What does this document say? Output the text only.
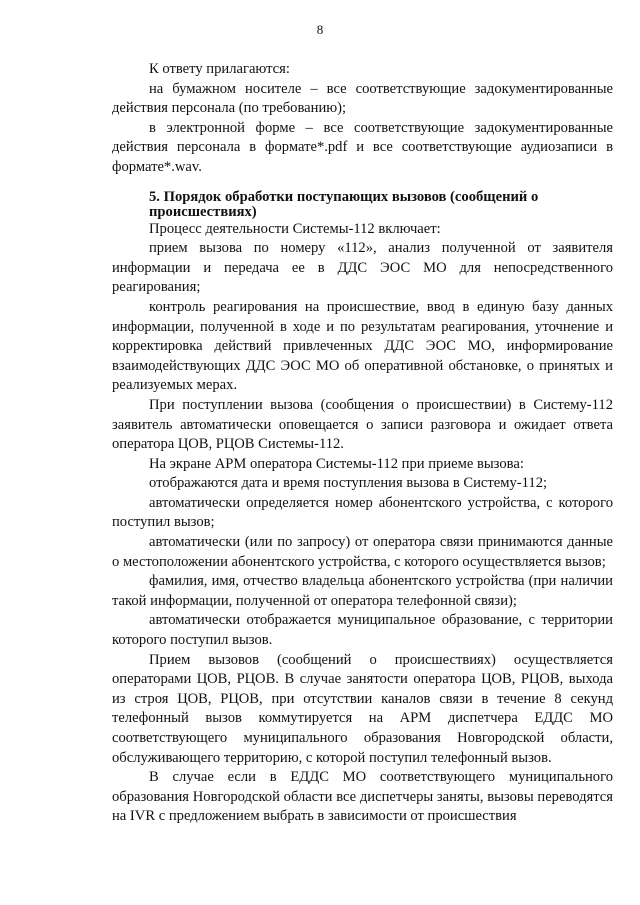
8

К ответу прилагаются:

на бумажном носителе – все соответствующие задокументированные действия персонала (по требованию);

в электронной форме – все соответствующие задокументированные действия персонала в формате*.pdf и все соответствующие аудиозаписи в формате*.wav.

5. Порядок обработки поступающих вызовов (сообщений о происшествиях)

Процесс деятельности Системы-112 включает:

прием вызова по номеру «112», анализ полученной от заявителя информации и передача ее в ДДС ЭОС МО для непосредственного реагирования;

контроль реагирования на происшествие, ввод в единую базу данных информации, полученной в ходе и по результатам реагирования, уточнение и корректировка действий привлеченных ДДС ЭОС МО, информирование взаимодействующих ДДС ЭОС МО об оперативной обстановке, о принятых и реализуемых мерах.

При поступлении вызова (сообщения о происшествии) в Систему-112 заявитель автоматически оповещается о записи разговора и ожидает ответа оператора ЦОВ, РЦОВ Системы-112.

На экране АРМ оператора Системы-112 при приеме вызова:

отображаются дата и время поступления вызова в Систему-112;

автоматически определяется номер абонентского устройства, с которого поступил вызов;

автоматически (или по запросу) от оператора связи принимаются данные о местоположении абонентского устройства, с которого осуществляется вызов;

фамилия, имя, отчество владельца абонентского устройства (при наличии такой информации, полученной от оператора телефонной связи);

автоматически отображается муниципальное образование, с территории которого поступил вызов.

Прием вызовов (сообщений о происшествиях) осуществляется операторами ЦОВ, РЦОВ. В случае занятости оператора ЦОВ, РЦОВ, выхода из строя ЦОВ, РЦОВ, при отсутствии каналов связи в течение 8 секунд телефонный вызов коммутируется на АРМ диспетчера ЕДДС МО соответствующего муниципального образования Новгородской области, обслуживающего территорию, с которой поступил телефонный вызов.

В случае если в ЕДДС МО соответствующего муниципального образования Новгородской области все диспетчеры заняты, вызовы переводятся на IVR с предложением выбрать в зависимости от происшествия
